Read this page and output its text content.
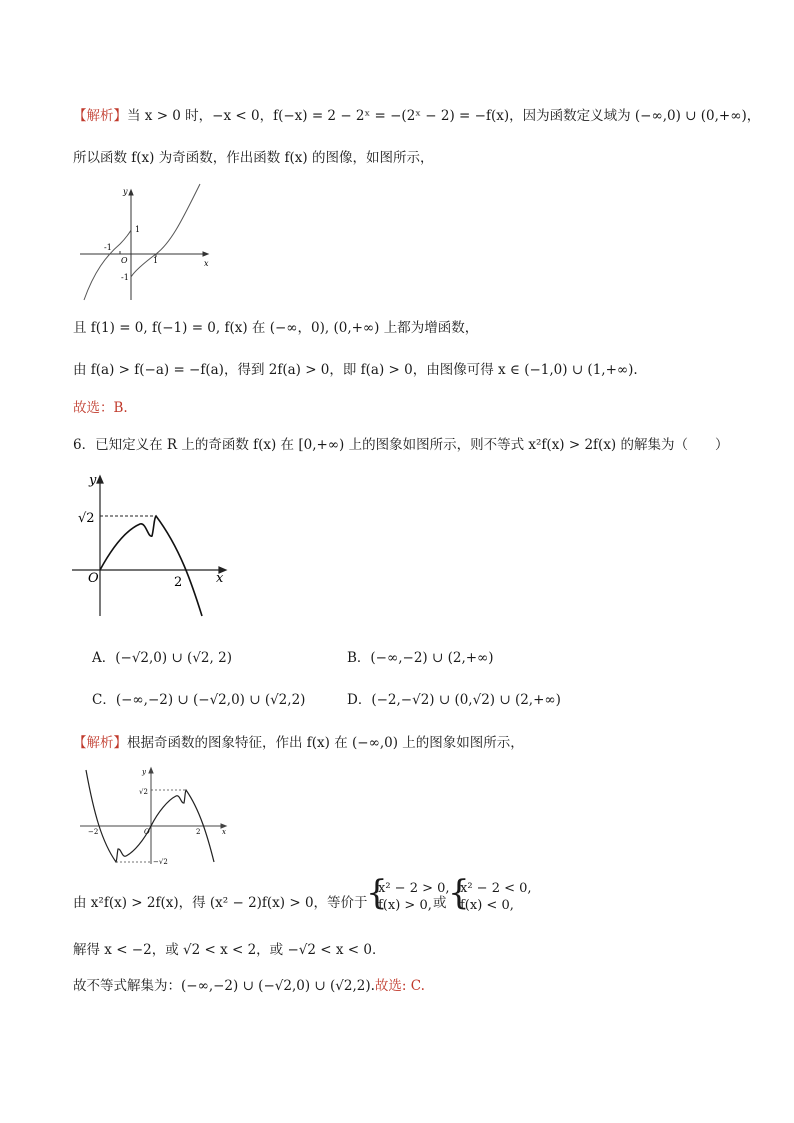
【解析】当 x > 0 时，−x < 0，f(−x) = 2 − 2ˣ = −(2ˣ − 2) = −f(x)，因为函数定义域为 (−∞,0) ∪ (0,+∞)，
所以函数 f(x) 为奇函数，作出函数 f(x) 的图像，如图所示，
y
x
O
1
-1
1
-1
且 f(1) = 0, f(−1) = 0, f(x) 在 (−∞，0), (0,+∞) 上都为增函数，
由 f(a) > f(−a) = −f(a)，得到 2f(a) > 0，即 f(a) > 0，由图像可得 x ∈ (−1,0) ∪ (1,+∞).
故选：B.
6．已知定义在 R 上的奇函数 f(x) 在 [0,+∞) 上的图象如图所示，则不等式 x²f(x) > 2f(x) 的解集为（　　）
y
x
O
√2
2
A．(−√2,0) ∪ (√2, 2)	B．(−∞,−2) ∪ (2,+∞)
C．(−∞,−2) ∪ (−√2,0) ∪ (√2,2)	D．(−2,−√2) ∪ (0,√2) ∪ (2,+∞)
【解析】根据奇函数的图象特征，作出 f(x) 在 (−∞,0) 上的图象如图所示，
y
x
O
√2
−√2
2
−2
由 x²f(x) > 2f(x)，得 (x² − 2)f(x) > 0，等价于
{
x² − 2 > 0,
f(x) > 0, 或 {
x² − 2 < 0,
f(x) < 0,
解得 x < −2，或 √2 < x < 2，或 −√2 < x < 0．
故不等式解集为：(−∞,−2) ∪ (−√2,0) ∪ (√2,2).故选: C.
